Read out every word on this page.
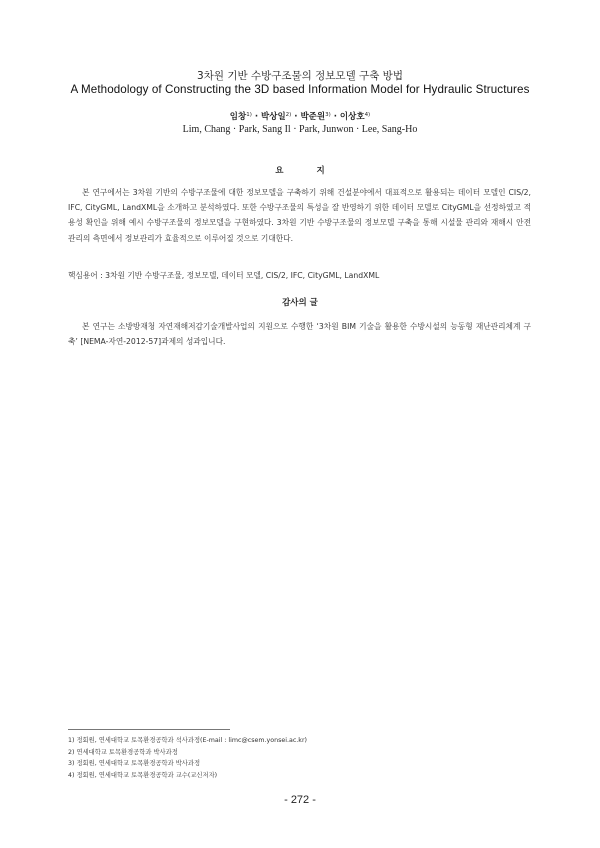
3차원 기반 수방구조물의 정보모델 구축 방법
A Methodology of Constructing the 3D based Information Model for Hydraulic Structures
임창$^{1)}$ · 박상일$^{2)}$ · 박준원$^{3)}$ · 이상호$^{4)}$
Lim, Chang · Park, Sang Il · Park, Junwon · Lee, Sang-Ho
요 지
본 연구에서는 3차원 기반의 수방구조물에 대한 정보모델을 구축하기 위해 건설분야에서 대표적으로 활용되는 데이터 모델인 CIS/2, IFC, CityGML, LandXML을 소개하고 분석하였다. 또한 수방구조물의 특성을 잘 반영하기 위한 데이터 모델로 CityGML을 선정하였고 적용성 확인을 위해 예시 수방구조물의 정보모델을 구현하였다. 3차원 기반 수방구조물의 정보모델 구축을 통해 시설물 관리와 재해시 안전 관리의 측면에서 정보관리가 효율적으로 이루어질 것으로 기대한다.
핵심용어 : 3차원 기반 수방구조물, 정보모델, 데이터 모델, CIS/2, IFC, CityGML, LandXML
감사의 글
본 연구는 소방방재청 자연재해저감기술개발사업의 지원으로 수행한 ‘3차원 BIM 기술을 활용한 수방시설의 능동형 재난관리체계 구축’ [NEMA-자연-2012-57]과제의 성과입니다.
1) 정회원, 연세대학교 토목환경공학과 석사과정(E-mail : limc@csem.yonsei.ac.kr)
2) 연세대학교 토목환경공학과 박사과정
3) 정회원, 연세대학교 토목환경공학과 박사과정
4) 정회원, 연세대학교 토목환경공학과 교수(교신저자)
- 272 -
